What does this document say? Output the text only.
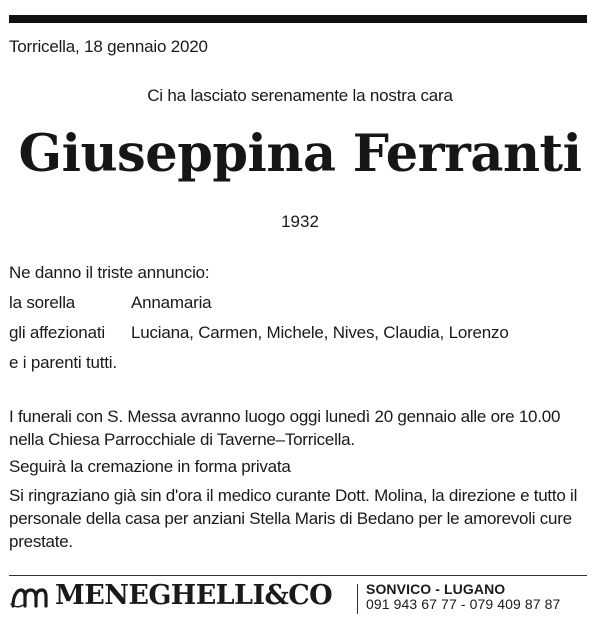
Torricella, 18 gennaio 2020
Ci ha lasciato serenamente la nostra cara
Giuseppina Ferranti
1932
Ne danno il triste annuncio:
la sorella	Annamaria
gli affezionati Luciana, Carmen, Michele, Nives, Claudia, Lorenzo
e i parenti tutti.
I funerali con S. Messa avranno luogo oggi lunedì 20 gennaio alle ore 10.00 nella Chiesa Parrocchiale di Taverne–Torricella.
Seguirà la cremazione in forma privata
Si ringraziano già sin d'ora il medico curante Dott. Molina, la direzione e tutto il personale della casa per anziani Stella Maris di Bedano per le amorevoli cure prestate.
MENEGHELLI&CO SONVICO - LUGANO
091 943 67 77 - 079 409 87 87
